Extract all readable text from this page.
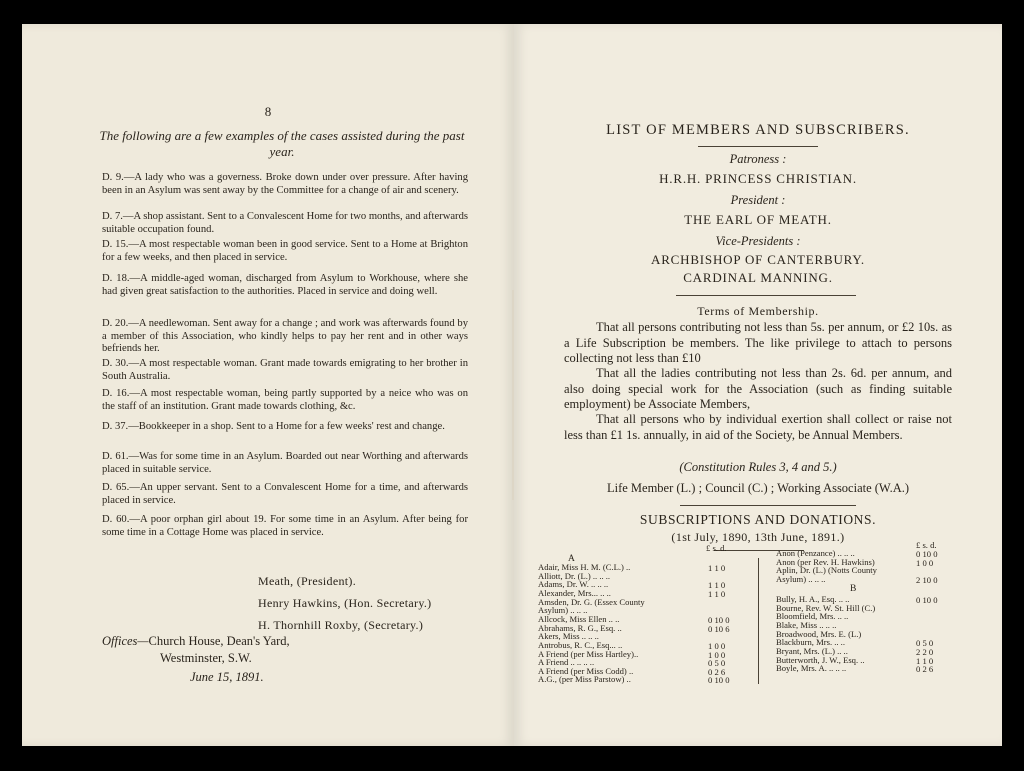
8
The following are a few examples of the cases assisted during the past year.
D. 9.—A lady who was a governess. Broke down under over pressure. After having been in an Asylum was sent away by the Committee for a change of air and scenery.
D. 7.—A shop assistant. Sent to a Convalescent Home for two months, and afterwards suitable occupation found.
D. 15.—A most respectable woman been in good service. Sent to a Home at Brighton for a few weeks, and then placed in service.
D. 18.—A middle-aged woman, discharged from Asylum to Workhouse, where she had given great satisfaction to the authorities. Placed in service and doing well.
D. 20.—A needlewoman. Sent away for a change ; and work was afterwards found by a member of this Association, who kindly helps to pay her rent and in other ways befriends her.
D. 30.—A most respectable woman. Grant made towards emigrating to her brother in South Australia.
D. 16.—A most respectable woman, being partly supported by a neice who was on the staff of an institution. Grant made towards clothing, &c.
D. 37.—Bookkeeper in a shop. Sent to a Home for a few weeks' rest and change.
D. 61.—Was for some time in an Asylum. Boarded out near Worthing and afterwards placed in suitable service.
D. 65.—An upper servant. Sent to a Convalescent Home for a time, and afterwards placed in service.
D. 60.—A poor orphan girl about 19. For some time in an Asylum. After being for some time in a Cottage Home was placed in service.
Meath, (President).
Henry Hawkins, (Hon. Secretary.)
H. Thornhill Roxby, (Secretary.)
Offices—Church House, Dean's Yard,
Westminster, S.W.
June 15, 1891.
LIST OF MEMBERS AND SUBSCRIBERS.
Patroness :
H.R.H. PRINCESS CHRISTIAN.
President :
THE EARL OF MEATH.
Vice-Presidents :
ARCHBISHOP OF CANTERBURY.
CARDINAL MANNING.
Terms of Membership.
That all persons contributing not less than 5s. per annum, or £2 10s. as a Life Subscription be members. The like privilege to attach to persons collecting not less than £10
That all the ladies contributing not less than 2s. 6d. per annum, and also doing special work for the Association (such as finding suitable employment) be Associate Members,
That all persons who by individual exertion shall collect or raise not less than £1 1s. annually, in aid of the Society, be Annual Members.
(Constitution Rules 3, 4 and 5.)
Life Member (L.) ; Council (C.) ; Working Associate (W.A.)
SUBSCRIPTIONS AND DONATIONS.
(1st July, 1890, 13th June, 1891.)
£ s. d.
A
Adair, Miss H. M. (C.L.) ..	1 1 0
Alliott, Dr. (L.) .. .. ..
Adams, Dr. W. .. .. ..	1 1 0
Alexander, Mrs... .. ..	1 1 0
Amsden, Dr. G. (Essex County
Asylum) .. .. ..
Allcock, Miss Ellen .. ..	0 10 0
Abrahams, R. G., Esq. ..	0 10 6
Akers, Miss .. .. ..
Antrobus, R. C., Esq... ..	1 0 0
A Friend (per Miss Hartley)..	1 0 0
A Friend .. .. .. ..	0 5 0
A Friend (per Miss Codd) ..	0 2 6
A.G., (per Miss Parstow) ..	0 10 0
£ s. d.
Anon (Penzance) .. .. ..	0 10 0
Anon (per Rev. H. Hawkins)	1 0 0
Aplin, Dr. (L.) (Notts County
Asylum) .. .. ..	2 10 0
B
Bully, H. A., Esq. .. ..	0 10 0
Bourne, Rev. W. St. Hill (C.)
Bloomfield, Mrs. .. ..
Blake, Miss .. .. ..
Broadwood, Mrs. E. (L.)
Blackburn, Mrs. .. ..	0 5 0
Bryant, Mrs. (L.) .. ..	2 2 0
Butterworth, J. W., Esq. ..	1 1 0
Boyle, Mrs. A. .. .. ..	0 2 6
